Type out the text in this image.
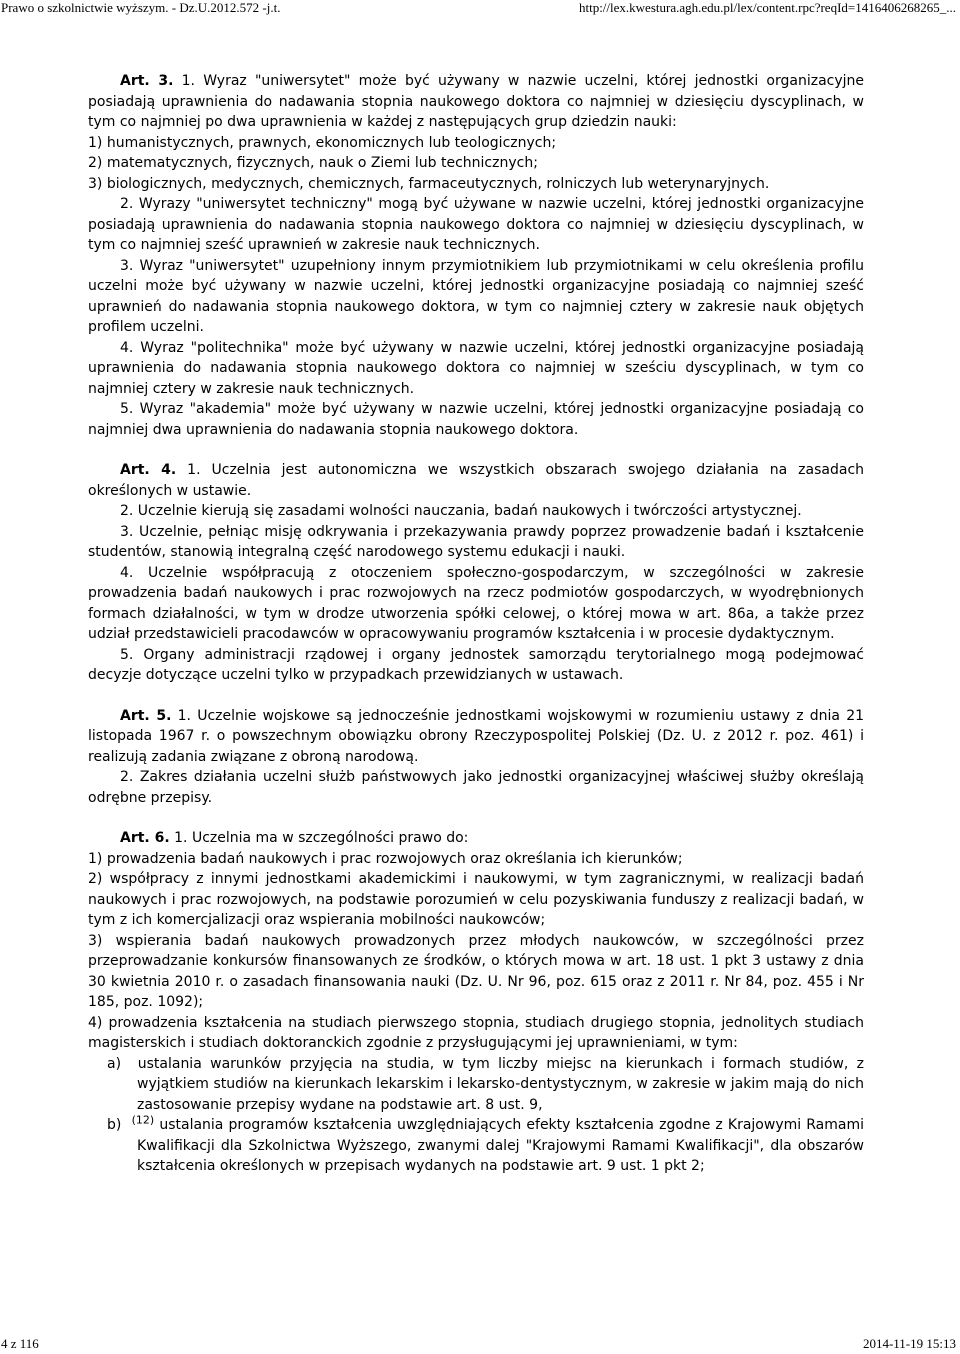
Prawo o szkolnictwie wyższym. - Dz.U.2012.572 -j.t.	http://lex.kwestura.agh.edu.pl/lex/content.rpc?reqId=1416406268265_...

Art. 3. 1. Wyraz "uniwersytet" może być używany w nazwie uczelni, której jednostki organizacyjne posiadają uprawnienia do nadawania stopnia naukowego doktora co najmniej w dziesięciu dyscyplinach, w tym co najmniej po dwa uprawnienia w każdej z następujących grup dziedzin nauki:

1) humanistycznych, prawnych, ekonomicznych lub teologicznych;

2) matematycznych, fizycznych, nauk o Ziemi lub technicznych;

3) biologicznych, medycznych, chemicznych, farmaceutycznych, rolniczych lub weterynaryjnych.

2. Wyrazy "uniwersytet techniczny" mogą być używane w nazwie uczelni, której jednostki organizacyjne posiadają uprawnienia do nadawania stopnia naukowego doktora co najmniej w dziesięciu dyscyplinach, w tym co najmniej sześć uprawnień w zakresie nauk technicznych.

3. Wyraz "uniwersytet" uzupełniony innym przymiotnikiem lub przymiotnikami w celu określenia profilu uczelni może być używany w nazwie uczelni, której jednostki organizacyjne posiadają co najmniej sześć uprawnień do nadawania stopnia naukowego doktora, w tym co najmniej cztery w zakresie nauk objętych profilem uczelni.

4. Wyraz "politechnika" może być używany w nazwie uczelni, której jednostki organizacyjne posiadają uprawnienia do nadawania stopnia naukowego doktora co najmniej w sześciu dyscyplinach, w tym co najmniej cztery w zakresie nauk technicznych.

5. Wyraz "akademia" może być używany w nazwie uczelni, której jednostki organizacyjne posiadają co najmniej dwa uprawnienia do nadawania stopnia naukowego doktora.

Art. 4. 1. Uczelnia jest autonomiczna we wszystkich obszarach swojego działania na zasadach określonych w ustawie.

2. Uczelnie kierują się zasadami wolności nauczania, badań naukowych i twórczości artystycznej.

3. Uczelnie, pełniąc misję odkrywania i przekazywania prawdy poprzez prowadzenie badań i kształcenie studentów, stanowią integralną część narodowego systemu edukacji i nauki.

4. Uczelnie współpracują z otoczeniem społeczno-gospodarczym, w szczególności w zakresie prowadzenia badań naukowych i prac rozwojowych na rzecz podmiotów gospodarczych, w wyodrębnionych formach działalności, w tym w drodze utworzenia spółki celowej, o której mowa w art. 86a, a także przez udział przedstawicieli pracodawców w opracowywaniu programów kształcenia i w procesie dydaktycznym.

5. Organy administracji rządowej i organy jednostek samorządu terytorialnego mogą podejmować decyzje dotyczące uczelni tylko w przypadkach przewidzianych w ustawach.

Art. 5. 1. Uczelnie wojskowe są jednocześnie jednostkami wojskowymi w rozumieniu ustawy z dnia 21 listopada 1967 r. o powszechnym obowiązku obrony Rzeczypospolitej Polskiej (Dz. U. z 2012 r. poz. 461) i realizują zadania związane z obroną narodową.

2. Zakres działania uczelni służb państwowych jako jednostki organizacyjnej właściwej służby określają odrębne przepisy.

Art. 6. 1. Uczelnia ma w szczególności prawo do:

1) prowadzenia badań naukowych i prac rozwojowych oraz określania ich kierunków;

2) współpracy z innymi jednostkami akademickimi i naukowymi, w tym zagranicznymi, w realizacji badań naukowych i prac rozwojowych, na podstawie porozumień w celu pozyskiwania funduszy z realizacji badań, w tym z ich komercjalizacji oraz wspierania mobilności naukowców;

3) wspierania badań naukowych prowadzonych przez młodych naukowców, w szczególności przez przeprowadzanie konkursów finansowanych ze środków, o których mowa w art. 18 ust. 1 pkt 3 ustawy z dnia 30 kwietnia 2010 r. o zasadach finansowania nauki (Dz. U. Nr 96, poz. 615 oraz z 2011 r. Nr 84, poz. 455 i Nr 185, poz. 1092);

4) prowadzenia kształcenia na studiach pierwszego stopnia, studiach drugiego stopnia, jednolitych studiach magisterskich i studiach doktoranckich zgodnie z przysługującymi jej uprawnieniami, w tym:

a) ustalania warunków przyjęcia na studia, w tym liczby miejsc na kierunkach i formach studiów, z wyjątkiem studiów na kierunkach lekarskim i lekarsko-dentystycznym, w zakresie w jakim mają do nich zastosowanie przepisy wydane na podstawie art. 8 ust. 9,

b) $^{(12)}$ ustalania programów kształcenia uwzględniających efekty kształcenia zgodne z Krajowymi Ramami Kwalifikacji dla Szkolnictwa Wyższego, zwanymi dalej "Krajowymi Ramami Kwalifikacji", dla obszarów kształcenia określonych w przepisach wydanych na podstawie art. 9 ust. 1 pkt 2;

4 z 116	2014-11-19 15:13
